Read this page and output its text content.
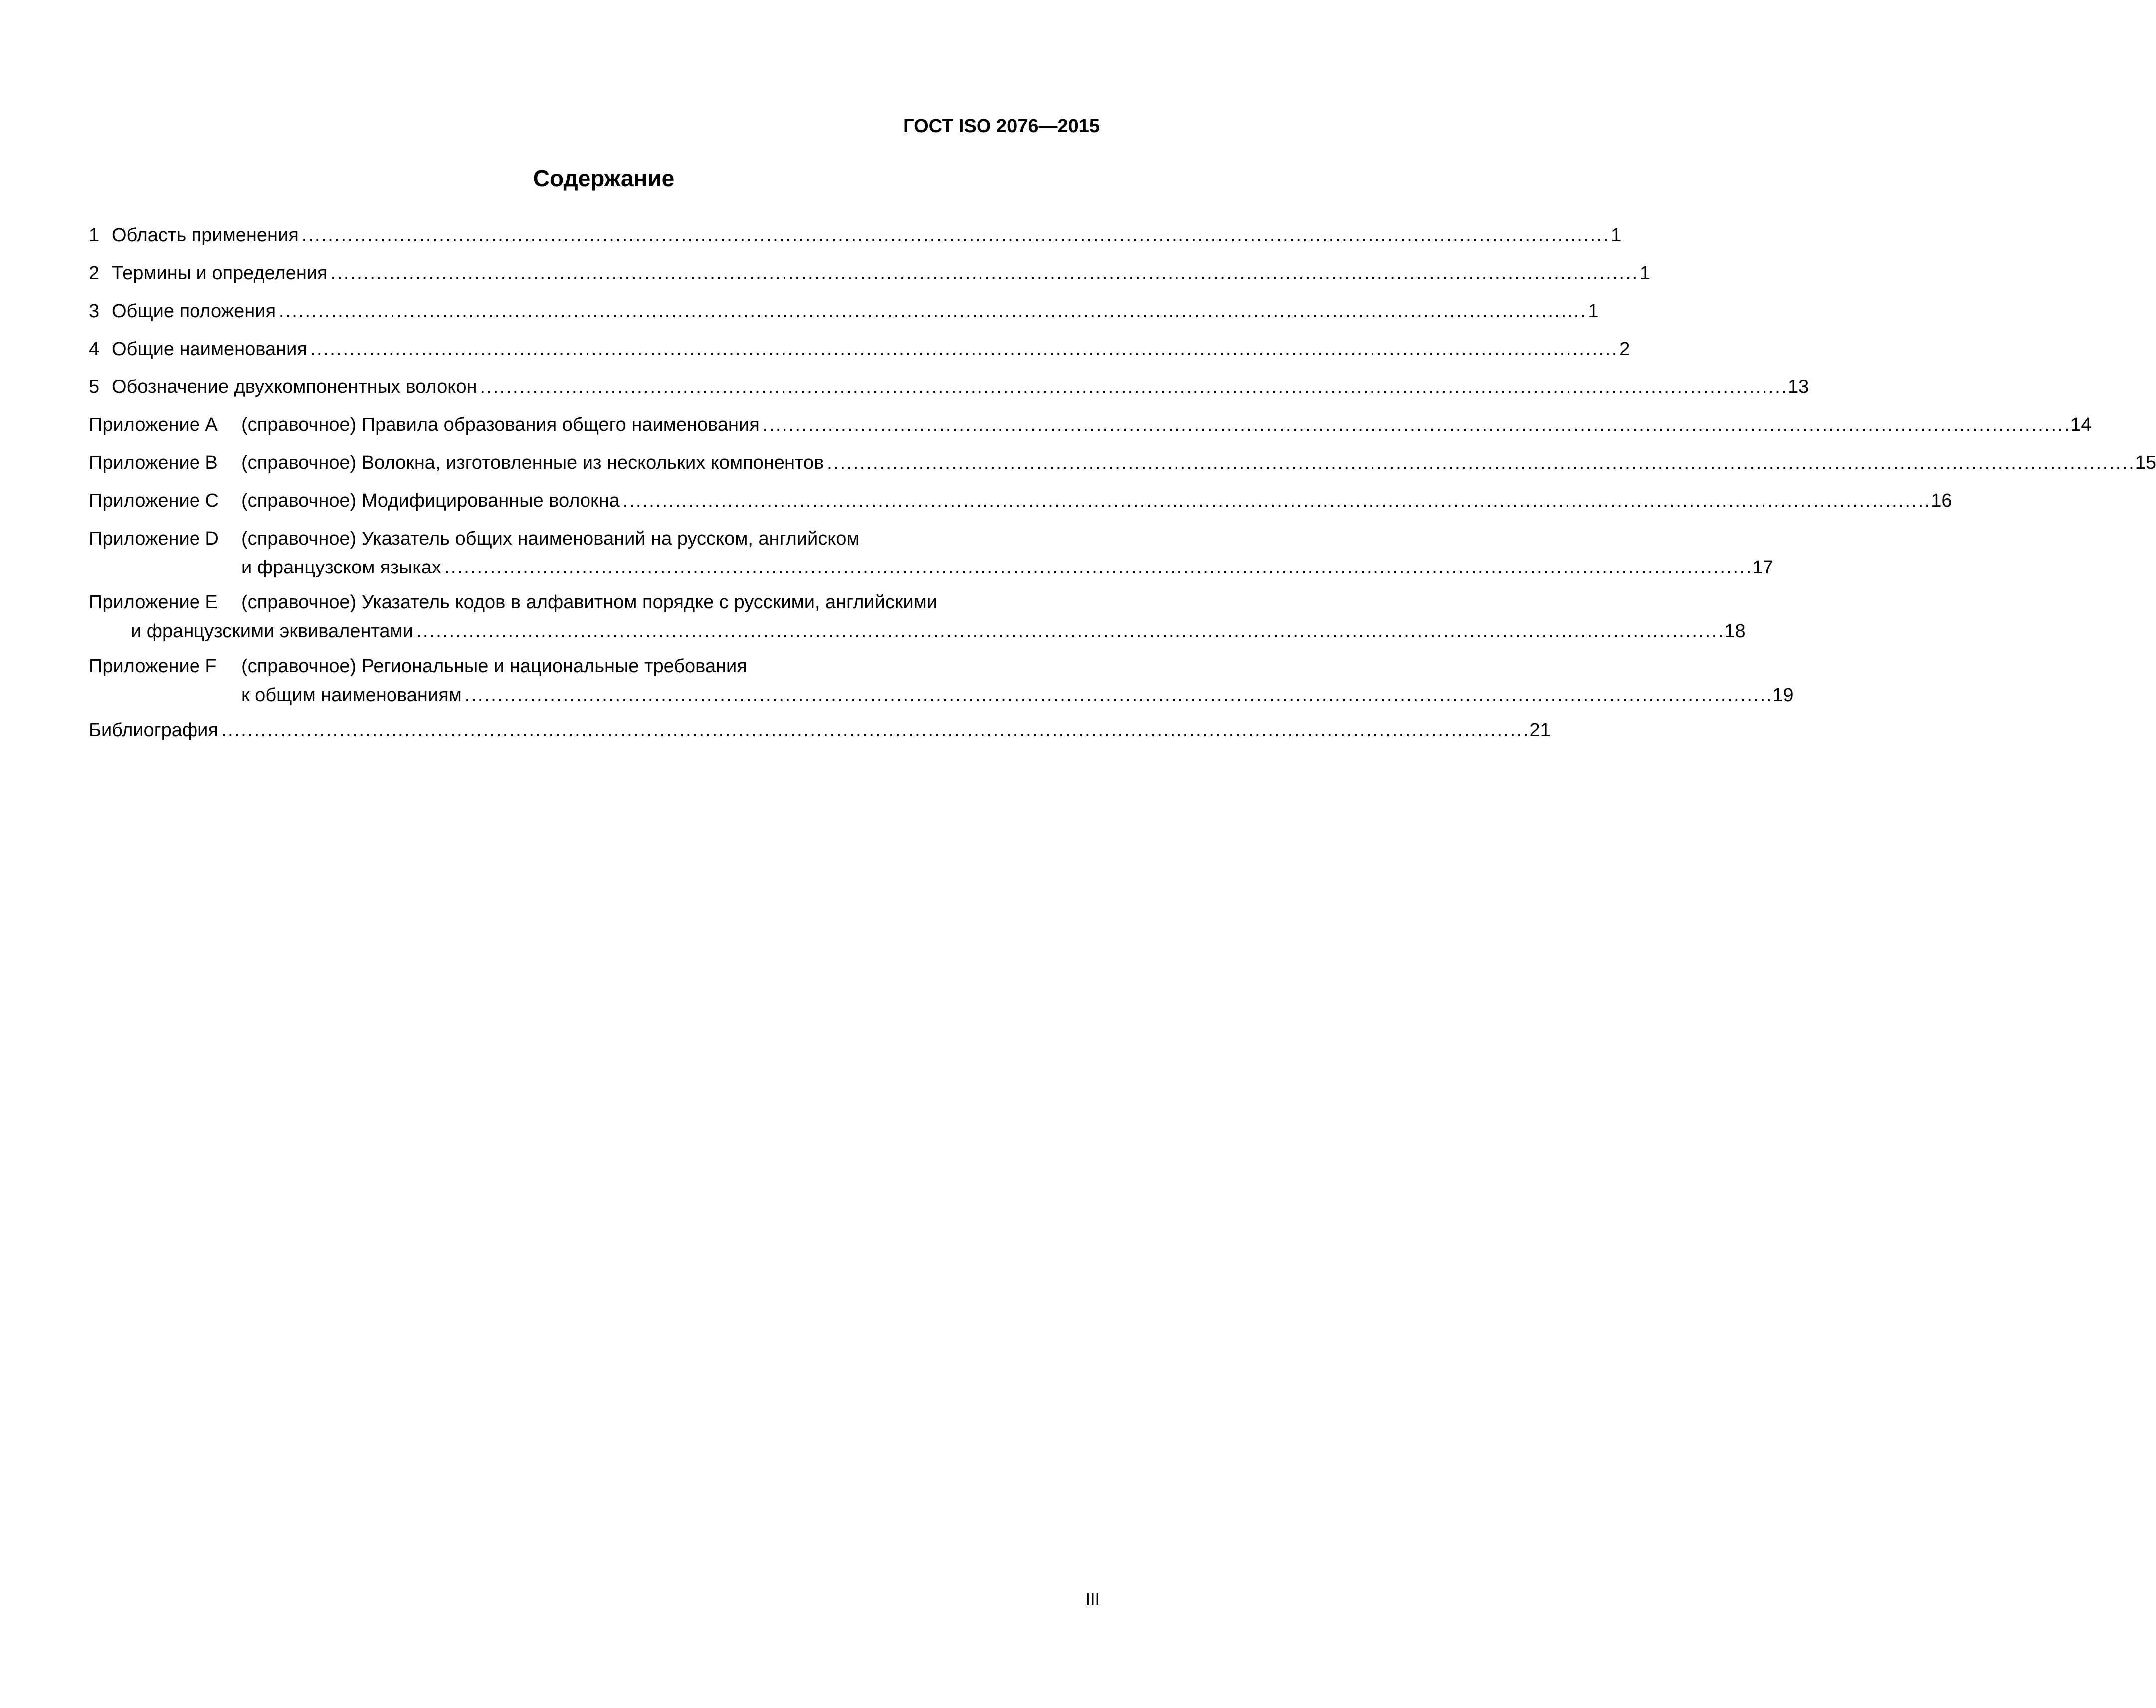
ГОСТ ISO 2076—2015
Содержание
1 Область применения . . .	1
2 Термины и определения . . .	1
3 Общие положения . . .	1
4 Общие наименования . . .	2
5 Обозначение двухкомпонентных волокон . . .	13
Приложение А	(справочное) Правила образования общего наименования . . .	14
Приложение В	(справочное) Волокна, изготовленные из нескольких компонентов . . .	15
Приложение С	(справочное) Модифицированные волокна . . .	16
Приложение D	(справочное) Указатель общих наименований на русском, английском
и французском языках . . .	17
Приложение E	(справочное) Указатель кодов в алфавитном порядке с русскими, английскими
и французскими эквивалентами . . .	18
Приложение F	(справочное) Региональные и национальные требования
к общим наименованиям . . .	19
Библиография . . .	21
III
